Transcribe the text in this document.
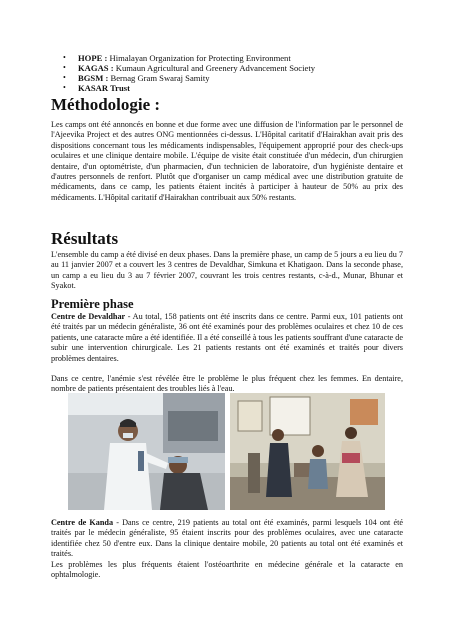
• HOPE : Himalayan Organization for Protecting Environment
• KAGAS : Kumaun Agricultural and Greenery Advancement Society
• BGSM : Bernag Gram Swaraj Samity
• KASAR Trust
Méthodologie :

Les camps ont été annoncés en bonne et due forme avec une diffusion de l'information par le personnel de l'Ajeevika Project et des autres ONG mentionnées ci-dessus. L'Hôpital caritatif d'Hairakhan avait pris des dispositions concernant tous les médicaments indispensables, l'équipement approprié pour des check-ups oculaires et une clinique dentaire mobile. L'équipe de visite était constituée d'un médecin, d'un chirurgien dentaire, d'un optométriste, d'un pharmacien, d'un technicien de laboratoire, d'un hygiéniste dentaire et d'autres personnels de renfort. Plutôt que d'organiser un camp médical avec une distribution gratuite de médicaments, dans ce camp, les patients étaient incités à participer à hauteur de 50% au prix des médicaments. L'Hôpital caritatif d'Hairakhan contribuait aux 50% restants.

Résultats

L'ensemble du camp a été divisé en deux phases. Dans la première phase, un camp de 5 jours a eu lieu du 7 au 11 janvier 2007 et a couvert les 3 centres de Devaldhar, Simkuna et Khatigaon. Dans la seconde phase, un camp a eu lieu du 3 au 7 février 2007, couvrant les trois centres restants, c-à-d., Munar, Bhunar et Syakot.

Première phase

Centre de Devaldhar - Au total, 158 patients ont été inscrits dans ce centre. Parmi eux, 101 patients ont été traités par un médecin généraliste, 36 ont été examinés pour des problèmes oculaires et chez 10 de ces patients, une cataracte mûre a été identifiée. Il a été conseillé à tous les patients souffrant d'une cataracte de subir une intervention chirurgicale. Les 21 patients restants ont été examinés et traités pour divers problèmes dentaires.

Dans ce centre, l'anémie s'est révélée être le problème le plus fréquent chez les femmes. En dentaire, nombre de patients présentaient des troubles liés à l'eau.

Centre de Kanda - Dans ce centre, 219 patients au total ont été examinés, parmi lesquels 104 ont été traités par le médecin généraliste, 95 étaient inscrits pour des problèmes oculaires, avec une cataracte identifiée chez 50 d'entre eux. Dans la clinique dentaire mobile, 20 patients au total ont été examinés et traités.

Les problèmes les plus fréquents étaient l'ostéoarthrite en médecine générale et la cataracte en ophtalmologie.
